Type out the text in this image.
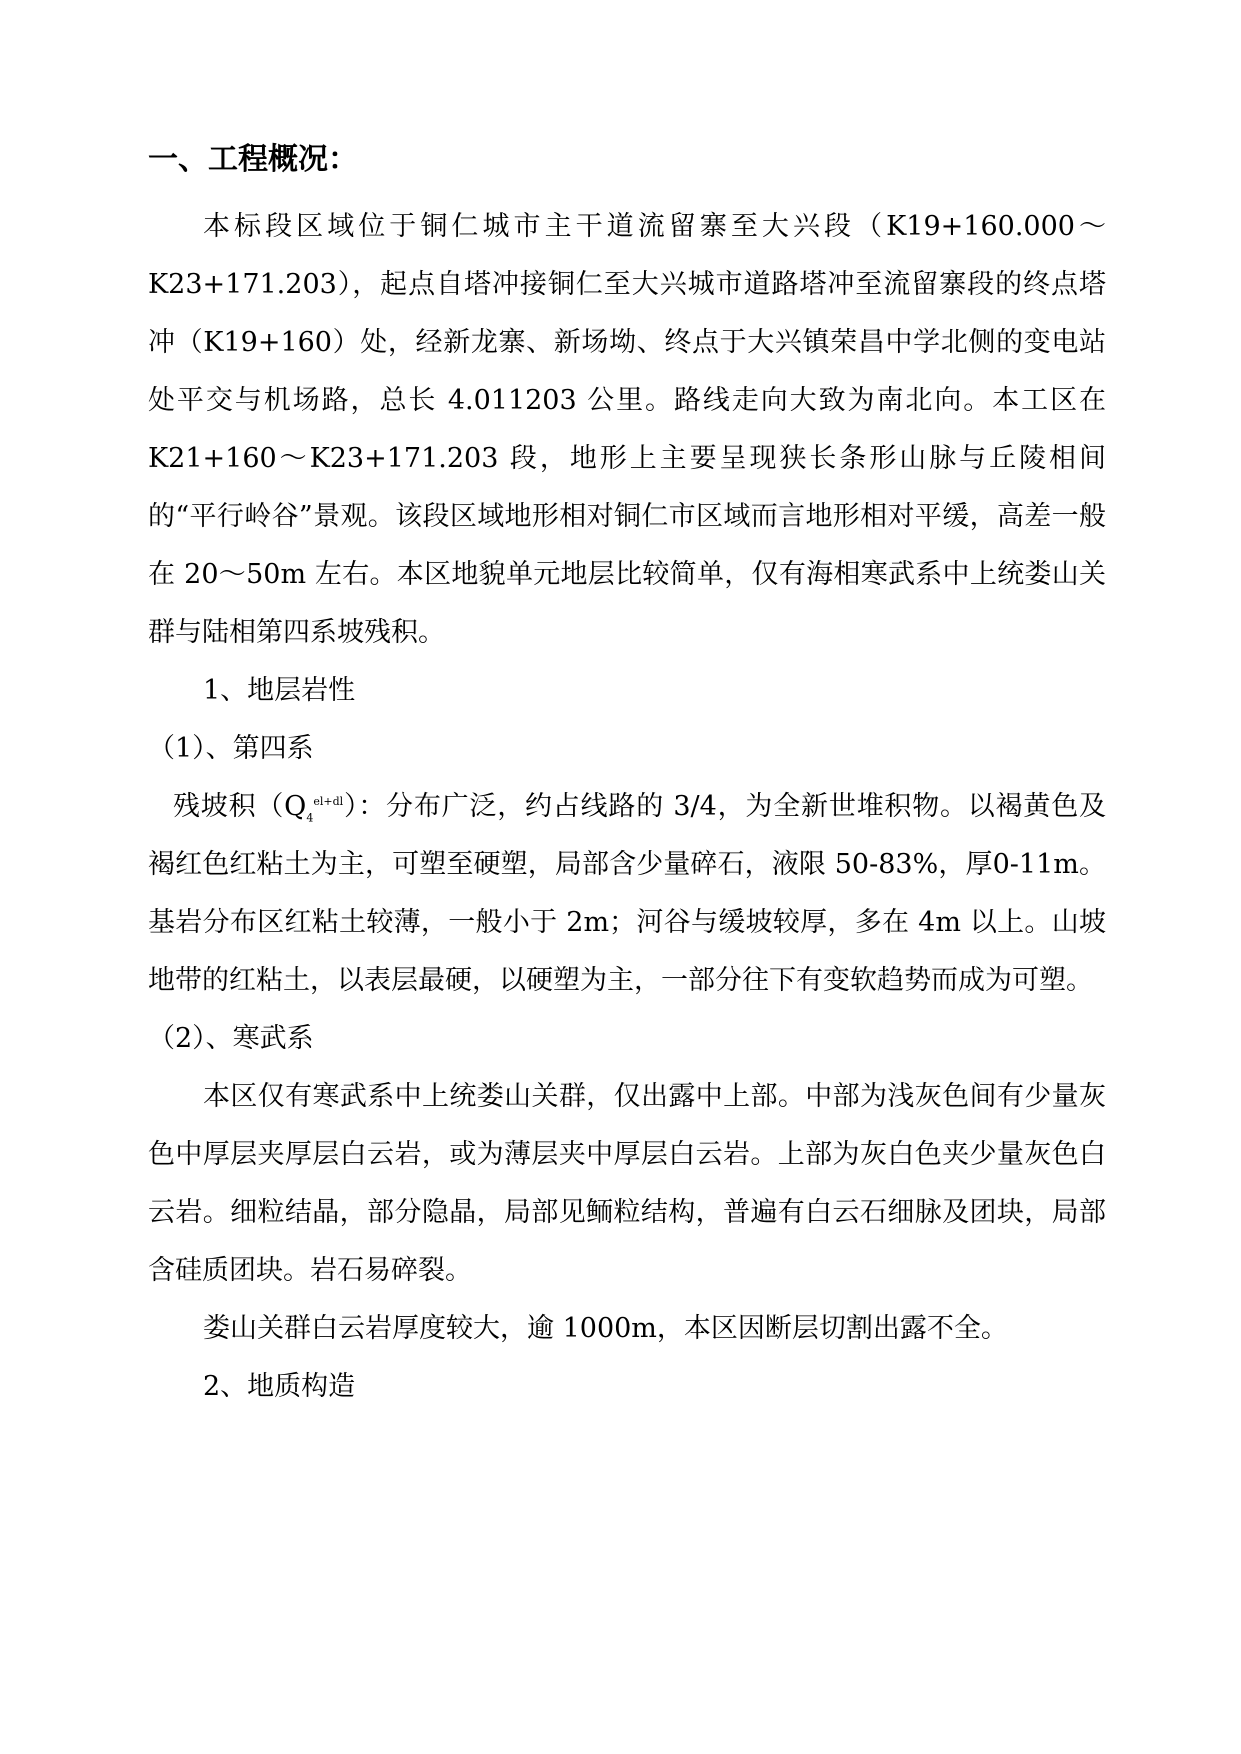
一、工程概况：

本标段区域位于铜仁城市主干道流留寨至大兴段（K19+160.000～K23+171.203），起点自塔冲接铜仁至大兴城市道路塔冲至流留寨段的终点塔冲（K19+160）处，经新龙寨、新场坳、终点于大兴镇荣昌中学北侧的变电站处平交与机场路，总长 4.011203 公里。路线走向大致为南北向。本工区在K21+160～K23+171.203 段，地形上主要呈现狭长条形山脉与丘陵相间的“平行岭谷”景观。该段区域地形相对铜仁市区域而言地形相对平缓，高差一般在 20～50m 左右。本区地貌单元地层比较简单，仅有海相寒武系中上统娄山关群与陆相第四系坡残积。

1、地层岩性
（1）、第四系

残坡积$(Q_4^{el+dl})$：分布广泛，约占线路的 3/4，为全新世堆积物。以褐黄色及褐红色红粘土为主，可塑至硬塑，局部含少量碎石，液限 50-83%，厚0-11m。基岩分布区红粘土较薄，一般小于 2m；河谷与缓坡较厚，多在 4m 以上。山坡地带的红粘土，以表层最硬，以硬塑为主，一部分往下有变软趋势而成为可塑。

（2）、寒武系

本区仅有寒武系中上统娄山关群，仅出露中上部。中部为浅灰色间有少量灰色中厚层夹厚层白云岩，或为薄层夹中厚层白云岩。上部为灰白色夹少量灰色白云岩。细粒结晶，部分隐晶，局部见鲕粒结构，普遍有白云石细脉及团块，局部含硅质团块。岩石易碎裂。

娄山关群白云岩厚度较大，逾 1000m，本区因断层切割出露不全。

2、地质构造
